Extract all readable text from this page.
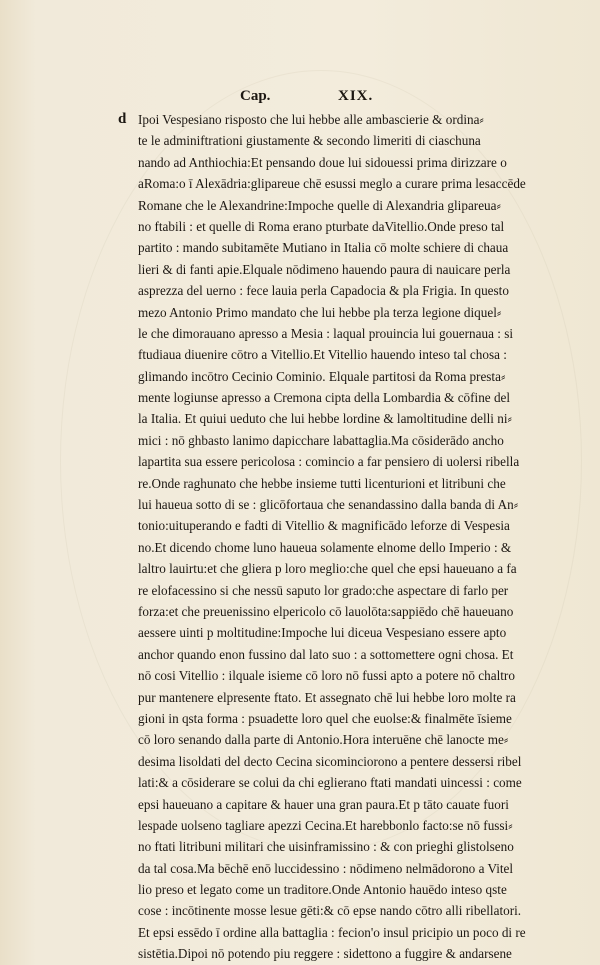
Cap.	XIX.
d Ipoi Vespesiano risposto che lui hebbe alle ambascierie & ordina⸗
te le adminiftrationi giustamente & secondo limeriti di ciaschuna
nando ad Anthiochia:Et pensando doue lui sidouessi prima dirizzare o
aRoma:o ī Alexādria:glipareue chē esussi meglo a curare prima lesaccēde
Romane che le Alexandrine:Impoche quelle di Alexandria glipareua⸗
no ftabili : et quelle di Roma erano pturbate daVitellio.Onde preso tal
partito : mando subitamēte Mutiano in Italia cō molte schiere di chaua
lieri & di fanti apie.Elquale nōdimeno hauendo paura di nauicare perla
asprezza del uerno : fece lauia perla Capadocia & pla Frigia. In questo
mezo Antonio Primo mandato che lui hebbe pla terza legione diquel⸗
le che dimorauano apresso a Mesia : laqual prouincia lui gouernaua : si
ftudiaua diuenire cōtro a Vitellio.Et Vitellio hauendo inteso tal chosa :
glimando incōtro Cecinio Cominio. Elquale partitosi da Roma presta⸗
mente logiunse apresso a Cremona cipta della Lombardia & cōfine del
la Italia. Et quiui ueduto che lui hebbe lordine & lamoltitudine delli ni⸗
mici : nō ghbasto lanimo dapicchare labattaglia.Ma cōsiderādo ancho
lapartita sua essere pericolosa : comincio a far pensiero di uolersi ribella
re.Onde raghunato che hebbe insieme tutti licenturioni et litribuni che
lui haueua sotto di se : glicōfortaua che senandassino dalla banda di An⸗
tonio:uituperando e fadti di Vitellio & magnificādo leforze di Vespesia
no.Et dicendo chome luno haueua solamente elnome dello Imperio : &
laltro lauirtu:et che gliera p loro meglio:che quel che epsi haueuano a fa
re elofacessino si che nessū saputo lor grado:che aspectare di farlo per
forza:et che preuenissino elpericolo cō lauolōta:sappiēdo chē haueuano
aessere uinti p moltitudine:Impoche lui diceua Vespesiano essere apto
anchor quando enon fussino dal lato suo : a sottomettere ogni chosa. Et
nō cosi Vitellio : ilquale isieme cō loro nō fussi apto a potere nō chaltro
pur mantenere elpresente ftato. Et assegnato chē lui hebbe loro molte ra
gioni in qsta forma : psuadette loro quel che euolse:& finalmēte īsieme
cō loro senando dalla parte di Antonio.Hora interuēne chē lanocte me⸗
desima lisoldati del decto Cecina sicominciorono a pentere dessersi ribel
lati:& a cōsiderare se colui da chi eglierano ftati mandati uincessi : come
epsi haueuano a capitare & hauer una gran paura.Et p tāto cauate fuori
lespade uolseno tagliare apezzi Cecina.Et harebbonlo facto:se nō fussi⸗
no ftati litribuni militari che uisinframissino : & con prieghi glistolseno
da tal cosa.Ma bēchē enō luccidessino : nōdimeno nelmādorono a Vitel
lio preso et legato come un traditore.Onde Antonio hauēdo inteso qste
cose : incōtinente mosse lesue gēti:& cō epse nando cōtro alli ribellatori.
Et epsi essēdo ī ordine alla battaglia : fecion'o insul pricipio un poco di re
sistētia.Dipoi nō potendo piu reggere : sidettono a fuggire & andarsene
